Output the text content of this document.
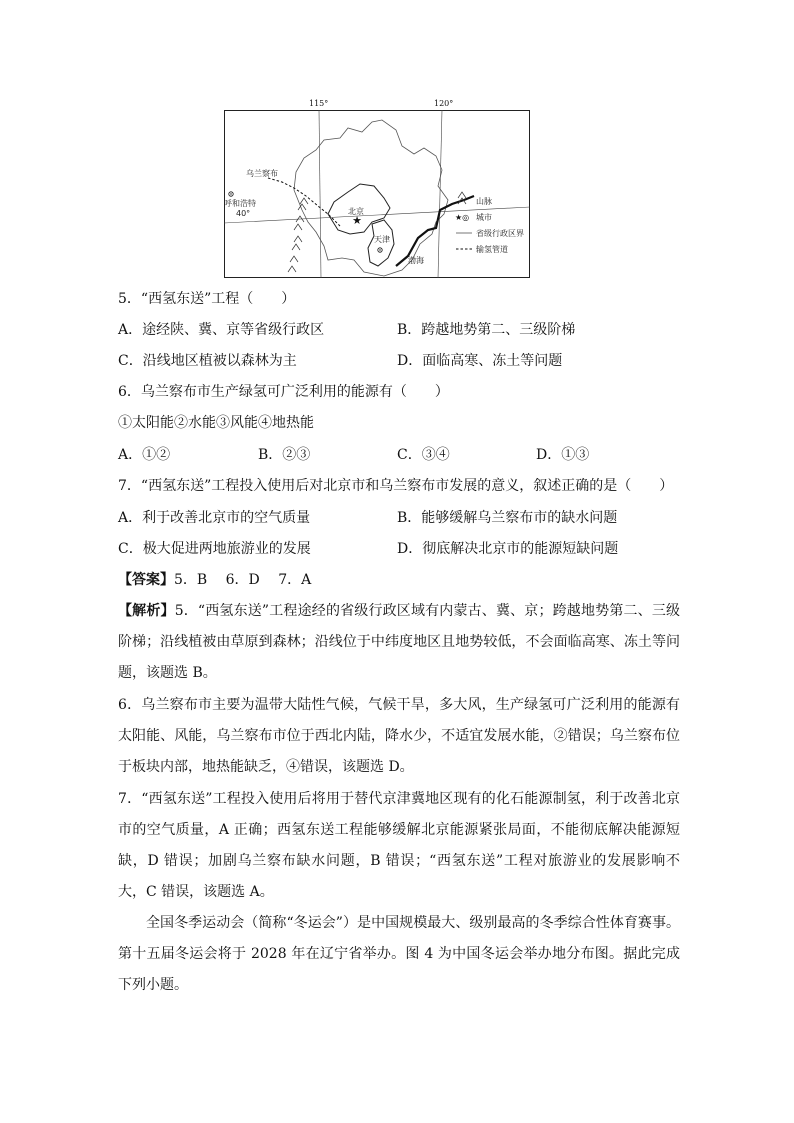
115°	120°
★
乌兰察布
呼和浩特
40°	北京
天津
渤海
山脉
★◎ 城市
省级行政区界
输氢管道
5．“西氢东送”工程（　　）
A．途经陕、冀、京等省级行政区	B．跨越地势第二、三级阶梯
C．沿线地区植被以森林为主	D．面临高寒、冻土等问题
6．乌兰察布市生产绿氢可广泛利用的能源有（　　）
①太阳能②水能③风能④地热能
A．①②	B．②③	C．③④	D．①③
7．“西氢东送”工程投入使用后对北京市和乌兰察布市发展的意义，叙述正确的是（　　）
A．利于改善北京市的空气质量	B．能够缓解乌兰察布市的缺水问题
C．极大促进两地旅游业的发展	D．彻底解决北京市的能源短缺问题
【答案】5．B　 6．D　 7．A
【解析】5．“西氢东送”工程途经的省级行政区域有内蒙古、冀、京；跨越地势第二、三级阶梯；沿线植被由草原到森林；沿线位于中纬度地区且地势较低，不会面临高寒、冻土等问题，该题选 B。
6．乌兰察布市主要为温带大陆性气候，气候干旱，多大风，生产绿氢可广泛利用的能源有太阳能、风能，乌兰察布市位于西北内陆，降水少，不适宜发展水能，②错误；乌兰察布位于板块内部，地热能缺乏，④错误，该题选 D。
7．“西氢东送”工程投入使用后将用于替代京津冀地区现有的化石能源制氢，利于改善北京市的空气质量，A 正确；西氢东送工程能够缓解北京能源紧张局面，不能彻底解决能源短缺，D 错误；加剧乌兰察布缺水问题，B 错误；“西氢东送”工程对旅游业的发展影响不大，C 错误，该题选 A。
全国冬季运动会（简称“冬运会”）是中国规模最大、级别最高的冬季综合性体育赛事。第十五届冬运会将于 2028 年在辽宁省举办。图 4 为中国冬运会举办地分布图。据此完成下列小题。
